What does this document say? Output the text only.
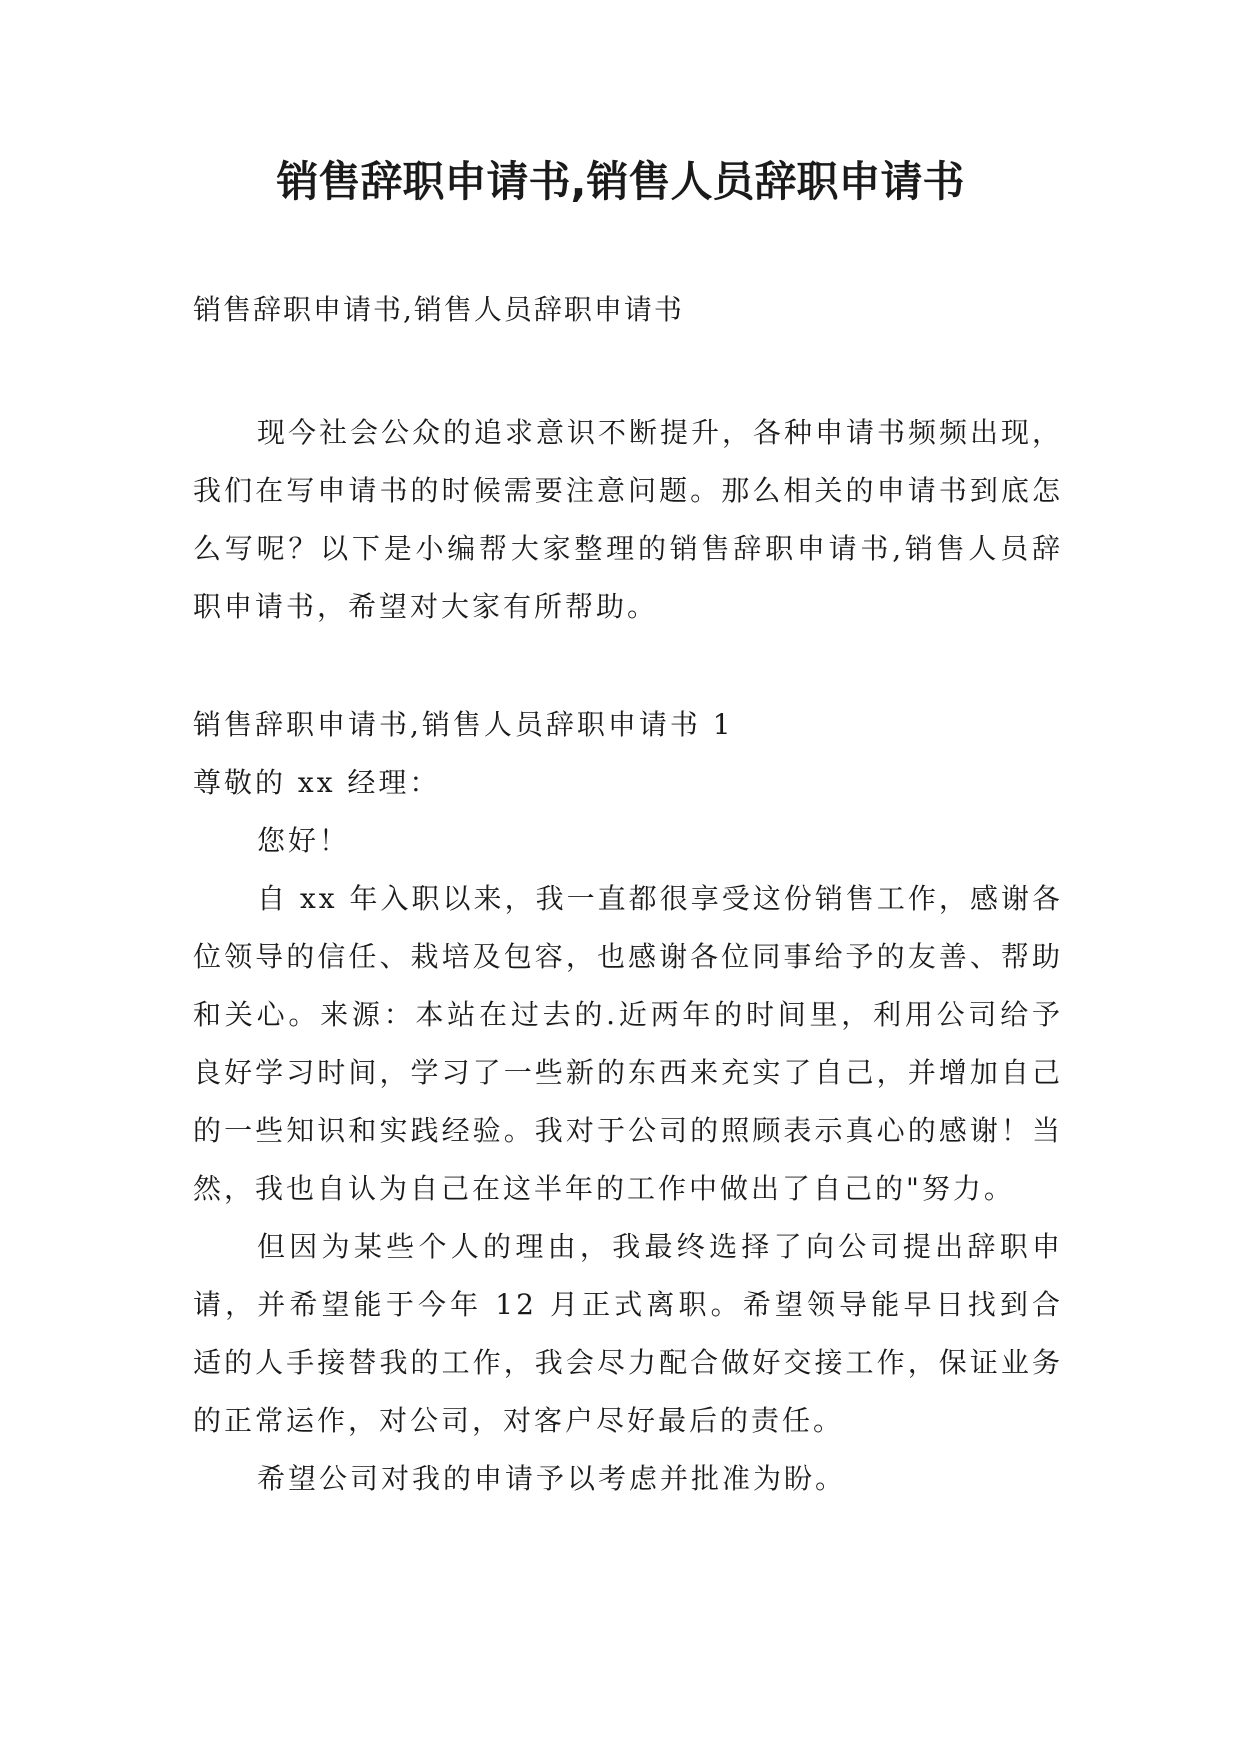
销售辞职申请书,销售人员辞职申请书
销售辞职申请书,销售人员辞职申请书

现今社会公众的追求意识不断提升，各种申请书频频出现，我们在写申请书的时候需要注意问题。那么相关的申请书到底怎么写呢？以下是小编帮大家整理的销售辞职申请书,销售人员辞职申请书，希望对大家有所帮助。

销售辞职申请书,销售人员辞职申请书 1

尊敬的 xx 经理：

您好！

自 xx 年入职以来，我一直都很享受这份销售工作，感谢各位领导的信任、栽培及包容，也感谢各位同事给予的友善、帮助和关心。来源：本站在过去的.近两年的时间里，利用公司给予良好学习时间，学习了一些新的东西来充实了自己，并增加自己的一些知识和实践经验。我对于公司的照顾表示真心的感谢！当然，我也自认为自己在这半年的工作中做出了自己的"努力。

但因为某些个人的理由，我最终选择了向公司提出辞职申请，并希望能于今年 12 月正式离职。希望领导能早日找到合适的人手接替我的工作，我会尽力配合做好交接工作，保证业务的正常运作，对公司，对客户尽好最后的责任。

希望公司对我的申请予以考虑并批准为盼。
